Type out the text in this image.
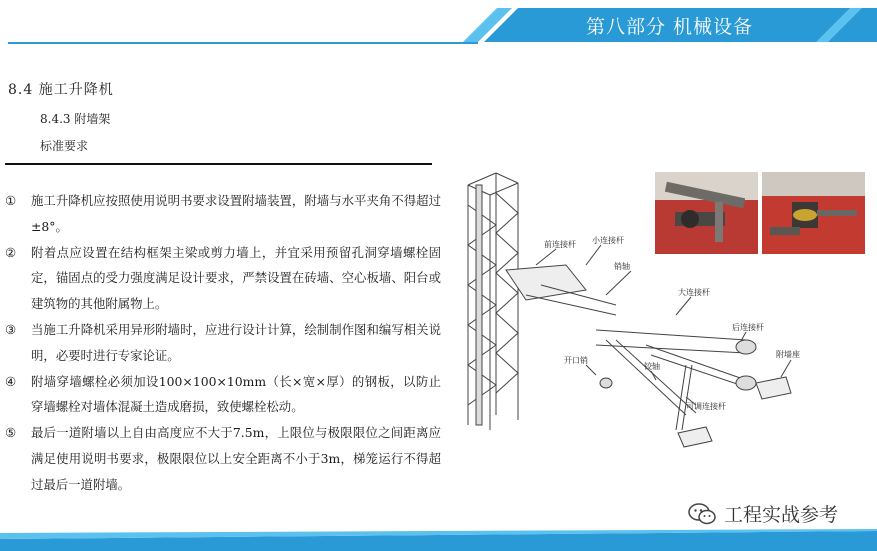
第八部分 机械设备
8.4 施工升降机
8.4.3 附墙架
标准要求
① 施工升降机应按照使用说明书要求设置附墙装置，附墙与水平夹角不得超过±8°。
② 附着点应设置在结构框架主梁或剪力墙上，并宜采用预留孔洞穿墙螺栓固定，锚固点的受力强度满足设计要求，严禁设置在砖墙、空心板墙、阳台或建筑物的其他附属物上。
③ 当施工升降机采用异形附墙时，应进行设计计算，绘制制作图和编写相关说明，必要时进行专家论证。
④ 附墙穿墙螺栓必须加设100×100×10mm（长×宽×厚）的钢板，以防止穿墙螺栓对墙体混凝土造成磨损，致使螺栓松动。
⑤ 最后一道附墙以上自由高度应不大于7.5m，上限位与极限限位之间距离应满足使用说明书要求，极限限位以上安全距离不小于3m，梯笼运行不得超过最后一道附墙。
前连接杆 小连接杆
销轴
大连接杆
开口销
铰轴
后连接杆
附墙座
可调连接杆
工程实战参考
